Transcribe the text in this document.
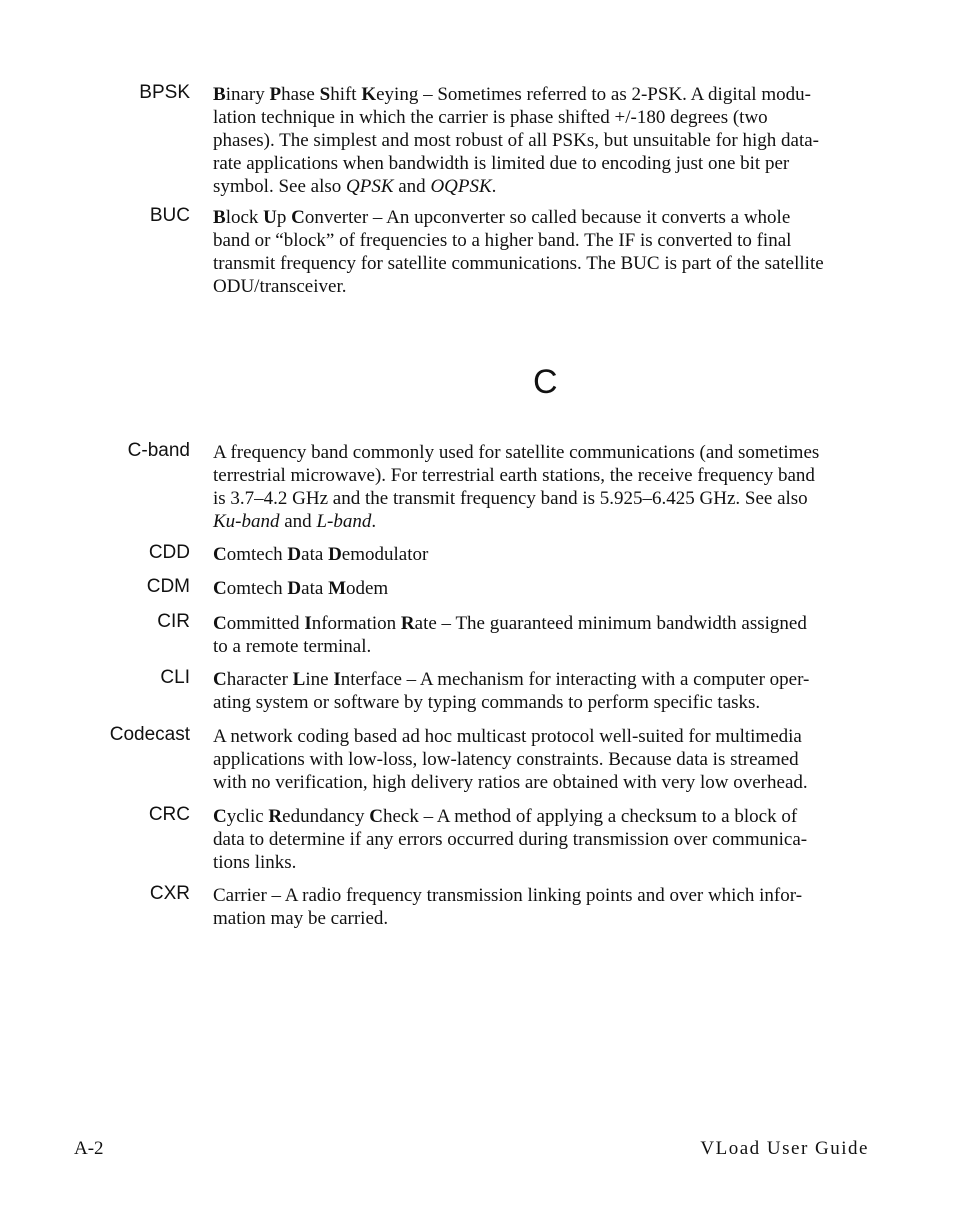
BPSK Binary Phase Shift Keying – Sometimes referred to as 2-PSK. A digital modu-
lation technique in which the carrier is phase shifted +/-180 degrees (two
phases). The simplest and most robust of all PSKs, but unsuitable for high data-
rate applications when bandwidth is limited due to encoding just one bit per
symbol. See also QPSK and OQPSK.
BUC Block Up Converter – An upconverter so called because it converts a whole
band or “block” of frequencies to a higher band. The IF is converted to final
transmit frequency for satellite communications. The BUC is part of the satellite
ODU/transceiver.
C
C-band A frequency band commonly used for satellite communications (and sometimes
terrestrial microwave). For terrestrial earth stations, the receive frequency band
is 3.7–4.2 GHz and the transmit frequency band is 5.925–6.425 GHz. See also
Ku-band and L-band.
CDD Comtech Data Demodulator
CDM Comtech Data Modem
CIR Committed Information Rate – The guaranteed minimum bandwidth assigned
to a remote terminal.
CLI Character Line Interface – A mechanism for interacting with a computer oper-
ating system or software by typing commands to perform specific tasks.
Codecast A network coding based ad hoc multicast protocol well-suited for multimedia
applications with low-loss, low-latency constraints. Because data is streamed
with no verification, high delivery ratios are obtained with very low overhead.
CRC Cyclic Redundancy Check – A method of applying a checksum to a block of
data to determine if any errors occurred during transmission over communica-
tions links.
CXR Carrier – A radio frequency transmission linking points and over which infor-
mation may be carried.
A-2	VLoad User Guide
